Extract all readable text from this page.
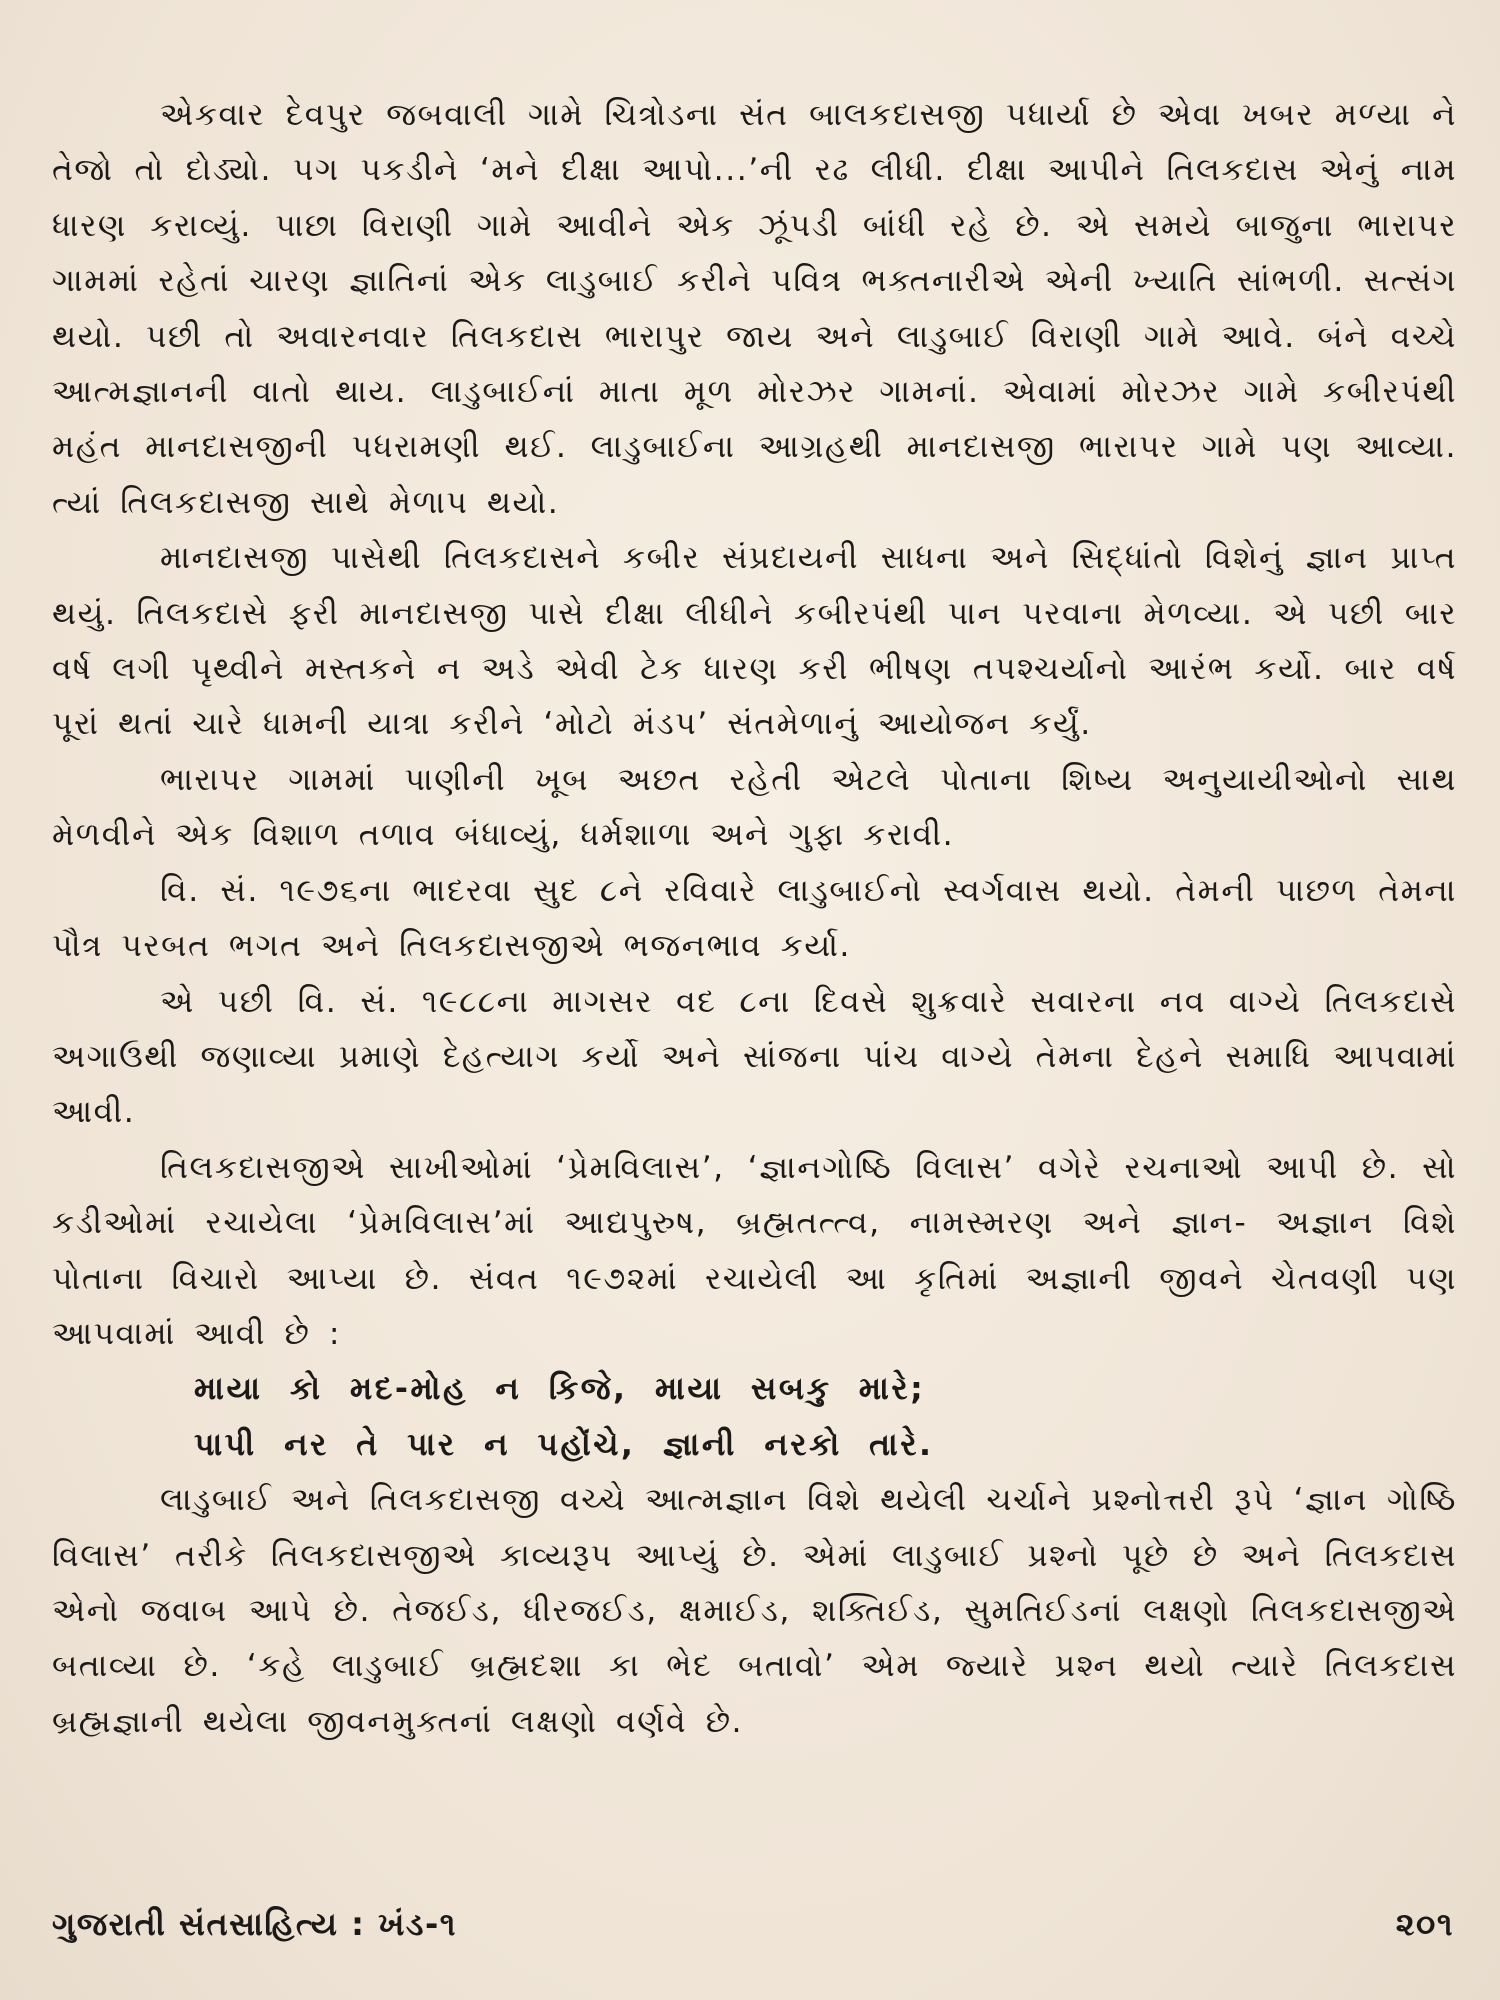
એકવાર દેવપુર જબવાલી ગામે ચિત્રોડના સંત બાલકદાસજી પધાર્યા છે એવા ખબર મળ્યા ને તેજો તો દોડ્યો. પગ પકડીને ‘મને દીક્ષા આપો...’ની રઢ લીધી. દીક્ષા આપીને તિલકદાસ એનું નામ ધારણ કરાવ્યું. પાછા વિરાણી ગામે આવીને એક ઝૂંપડી બાંધી રહે છે. એ સમયે બાજુના ભારાપર ગામમાં રહેતાં ચારણ જ્ઞાતિનાં એક લાડુબાઈ કરીને પવિત્ર ભક્તનારીએ એની ખ્યાતિ સાંભળી. સત્સંગ થયો. પછી તો અવારનવાર તિલકદાસ ભારાપુર જાય અને લાડુબાઈ વિરાણી ગામે આવે. બંને વચ્ચે આત્મજ્ઞાનની વાતો થાય. લાડુબાઈનાં માતા મૂળ મોરઝર ગામનાં. એવામાં મોરઝર ગામે કબીરપંથી મહંત માનદાસજીની પધરામણી થઈ. લાડુબાઈના આગ્રહથી માનદાસજી ભારાપર ગામે પણ આવ્યા. ત્યાં તિલકદાસજી સાથે મેળાપ થયો.

માનદાસજી પાસેથી તિલકદાસને કબીર સંપ્રદાયની સાધના અને સિદ્ધાંતો વિશેનું જ્ઞાન પ્રાપ્ત થયું. તિલકદાસે ફરી માનદાસજી પાસે દીક્ષા લીધીને કબીરપંથી પાન પરવાના મેળવ્યા. એ પછી બાર વર્ષ લગી પૃથ્વીને મસ્તકને ન અડે એવી ટેક ધારણ કરી ભીષણ તપશ્ચર્યાનો આરંભ કર્યો. બાર વર્ષ પૂરાં થતાં ચારે ધામની યાત્રા કરીને ‘મોટો મંડપ’ સંતમેળાનું આયોજન કર્યું.

ભારાપર ગામમાં પાણીની ખૂબ અછત રહેતી એટલે પોતાના શિષ્ય અનુયાયીઓનો સાથ મેળવીને એક વિશાળ તળાવ બંધાવ્યું, ધર્મશાળા અને ગુફા કરાવી.

વિ. સં. ૧૯૭૬ના ભાદરવા સુદ ૮ને રવિવારે લાડુબાઈનો સ્વર્ગવાસ થયો. તેમની પાછળ તેમના પૌત્ર પરબત ભગત અને તિલકદાસજીએ ભજનભાવ કર્યા.

એ પછી વિ. સં. ૧૯૮૮ના માગસર વદ ૮ના દિવસે શુક્રવારે સવારના નવ વાગ્યે તિલકદાસે અગાઉથી જણાવ્યા પ્રમાણે દેહત્યાગ કર્યો અને સાંજના પાંચ વાગ્યે તેમના દેહને સમાધિ આપવામાં આવી.

તિલકદાસજીએ સાખીઓમાં ‘પ્રેમવિલાસ’, ‘જ્ઞાનગોષ્ઠિ વિલાસ’ વગેરે રચનાઓ આપી છે. સો કડીઓમાં રચાયેલા ‘પ્રેમવિલાસ’માં આદ્યપુરુષ, બ્રહ્મતત્ત્વ, નામસ્મરણ અને જ્ઞાન- અજ્ઞાન વિશે પોતાના વિચારો આપ્યા છે. સંવત ૧૯૭૨માં રચાયેલી આ કૃતિમાં અજ્ઞાની જીવને ચેતવણી પણ આપવામાં આવી છે :

માયા કો મદ-મોહ ન કિજે, માયા સબકુ મારે;
પાપી નર તે પાર ન પહોંચે, જ્ઞાની નરકો તારે.

લાડુબાઈ અને તિલકદાસજી વચ્ચે આત્મજ્ઞાન વિશે થયેલી ચર્ચાને પ્રશ્નોત્તરી રૂપે ‘જ્ઞાન ગોષ્ઠિ વિલાસ’ તરીકે તિલકદાસજીએ કાવ્યરૂપ આપ્યું છે. એમાં લાડુબાઈ પ્રશ્નો પૂછે છે અને તિલકદાસ એનો જવાબ આપે છે. તેજઈડ, ધીરજઈડ, ક્ષમાઈડ, શક્તિઈડ, સુમતિઈડનાં લક્ષણો તિલકદાસજીએ બતાવ્યા છે. ‘કહે લાડુબાઈ બ્રહ્મદશા કા ભેદ બતાવો’ એમ જ્યારે પ્રશ્ન થયો ત્યારે તિલકદાસ બ્રહ્મજ્ઞાની થયેલા જીવનમુક્તનાં લક્ષણો વર્ણવે છે.

ગુજરાતી સંતસાહિત્ય : ખંડ-૧	૨૦૧
